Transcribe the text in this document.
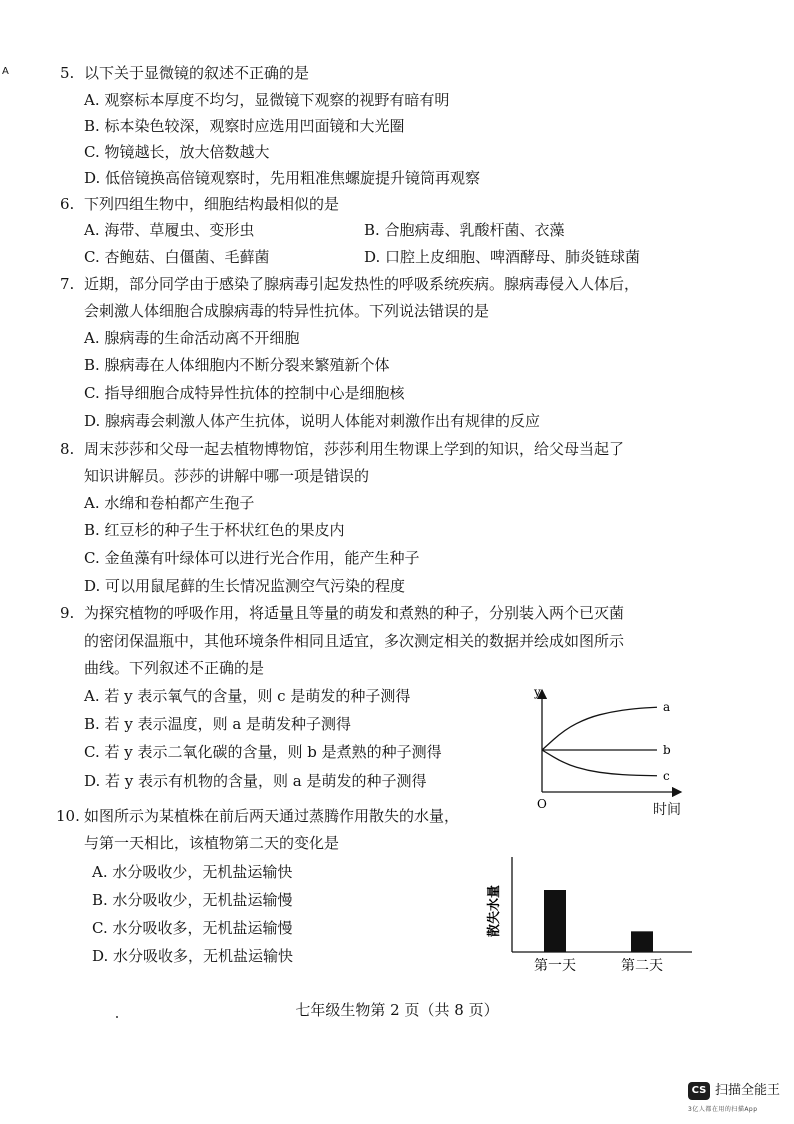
A	5. 以下关于显微镜的叙述不正确的是
A. 观察标本厚度不均匀，显微镜下观察的视野有暗有明
B. 标本染色较深，观察时应选用凹面镜和大光圈
C. 物镜越长，放大倍数越大
D. 低倍镜换高倍镜观察时，先用粗准焦螺旋提升镜筒再观察
6. 下列四组生物中，细胞结构最相似的是
A. 海带、草履虫、变形虫	B. 合胞病毒、乳酸杆菌、衣藻
C. 杏鲍菇、白僵菌、毛藓菌	D. 口腔上皮细胞、啤酒酵母、肺炎链球菌
7. 近期，部分同学由于感染了腺病毒引起发热性的呼吸系统疾病。腺病毒侵入人体后，
会刺激人体细胞合成腺病毒的特异性抗体。下列说法错误的是
A. 腺病毒的生命活动离不开细胞
B. 腺病毒在人体细胞内不断分裂来繁殖新个体
C. 指导细胞合成特异性抗体的控制中心是细胞核
D. 腺病毒会刺激人体产生抗体，说明人体能对刺激作出有规律的反应
8. 周末莎莎和父母一起去植物博物馆，莎莎利用生物课上学到的知识，给父母当起了
知识讲解员。莎莎的讲解中哪一项是错误的
A. 水绵和卷柏都产生孢子
B. 红豆杉的种子生于杯状红色的果皮内
C. 金鱼藻有叶绿体可以进行光合作用，能产生种子
D. 可以用鼠尾藓的生长情况监测空气污染的程度
9. 为探究植物的呼吸作用，将适量且等量的萌发和煮熟的种子，分别装入两个已灭菌
的密闭保温瓶中，其他环境条件相同且适宜，多次测定相关的数据并绘成如图所示
曲线。下列叙述不正确的是
A. 若 y 表示氧气的含量，则 c 是萌发的种子测得
B. 若 y 表示温度，则 a 是萌发种子测得
C. 若 y 表示二氧化碳的含量，则 b 是煮熟的种子测得
D. 若 y 表示有机物的含量，则 a 是萌发的种子测得
y
O
a
b
c
时间
10. 如图所示为某植株在前后两天通过蒸腾作用散失的水量，
与第一天相比，该植物第二天的变化是
A. 水分吸收少，无机盐运输快
B. 水分吸收少，无机盐运输慢
C. 水分吸收多，无机盐运输慢
D. 水分吸收多，无机盐运输快
散失水量
第一天	第二天
七年级生物第 2 页（共 8 页）
CS 扫描全能王
3亿人都在用的扫描App
